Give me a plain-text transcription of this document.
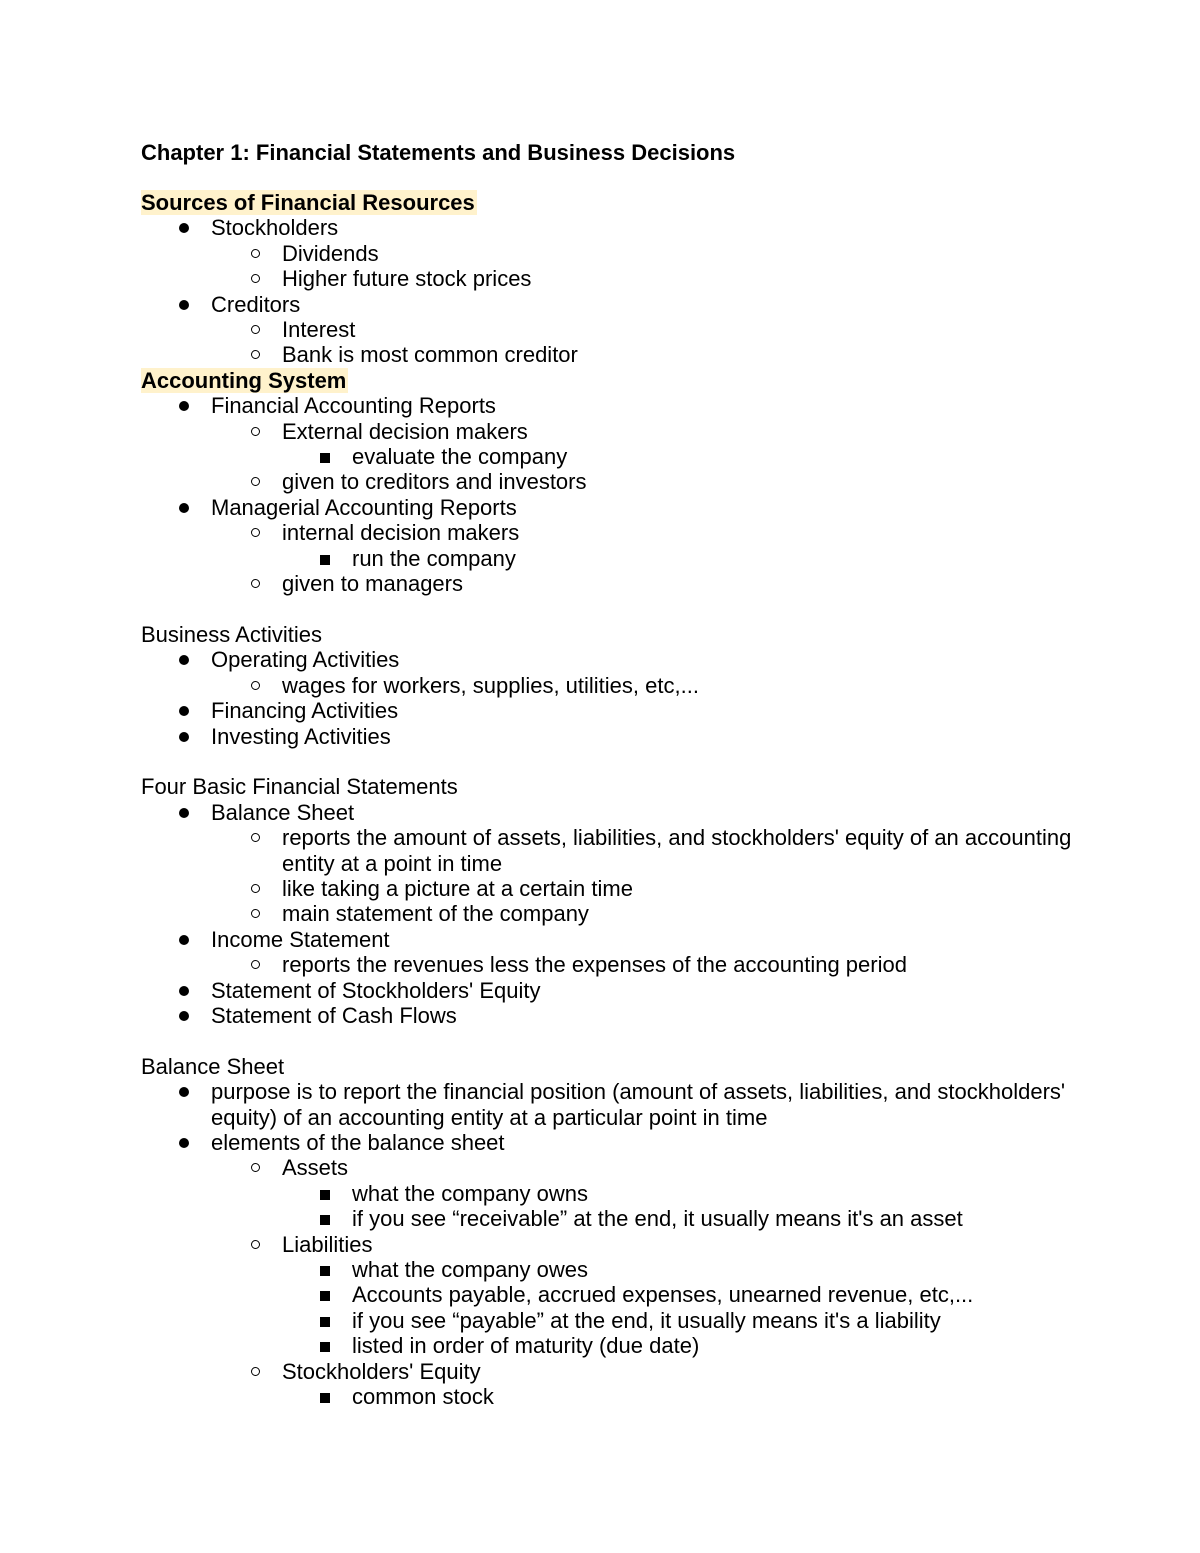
Chapter 1: Financial Statements and Business Decisions
Sources of Financial Resources
Stockholders
Dividends
Higher future stock prices
Creditors
Interest
Bank is most common creditor
Accounting System
Financial Accounting Reports
External decision makers
evaluate the company
given to creditors and investors
Managerial Accounting Reports
internal decision makers
run the company
given to managers
Business Activities
Operating Activities
wages for workers, supplies, utilities, etc,...
Financing Activities
Investing Activities
Four Basic Financial Statements
Balance Sheet
reports the amount of assets, liabilities, and stockholders' equity of an accounting entity at a point in time
like taking a picture at a certain time
main statement of the company
Income Statement
reports the revenues less the expenses of the accounting period
Statement of Stockholders' Equity
Statement of Cash Flows
Balance Sheet
purpose is to report the financial position (amount of assets, liabilities, and stockholders' equity) of an accounting entity at a particular point in time
elements of the balance sheet
Assets
what the company owns
if you see “receivable” at the end, it usually means it's an asset
Liabilities
what the company owes
Accounts payable, accrued expenses, unearned revenue, etc,...
if you see “payable” at the end, it usually means it's a liability
listed in order of maturity (due date)
Stockholders' Equity
common stock
